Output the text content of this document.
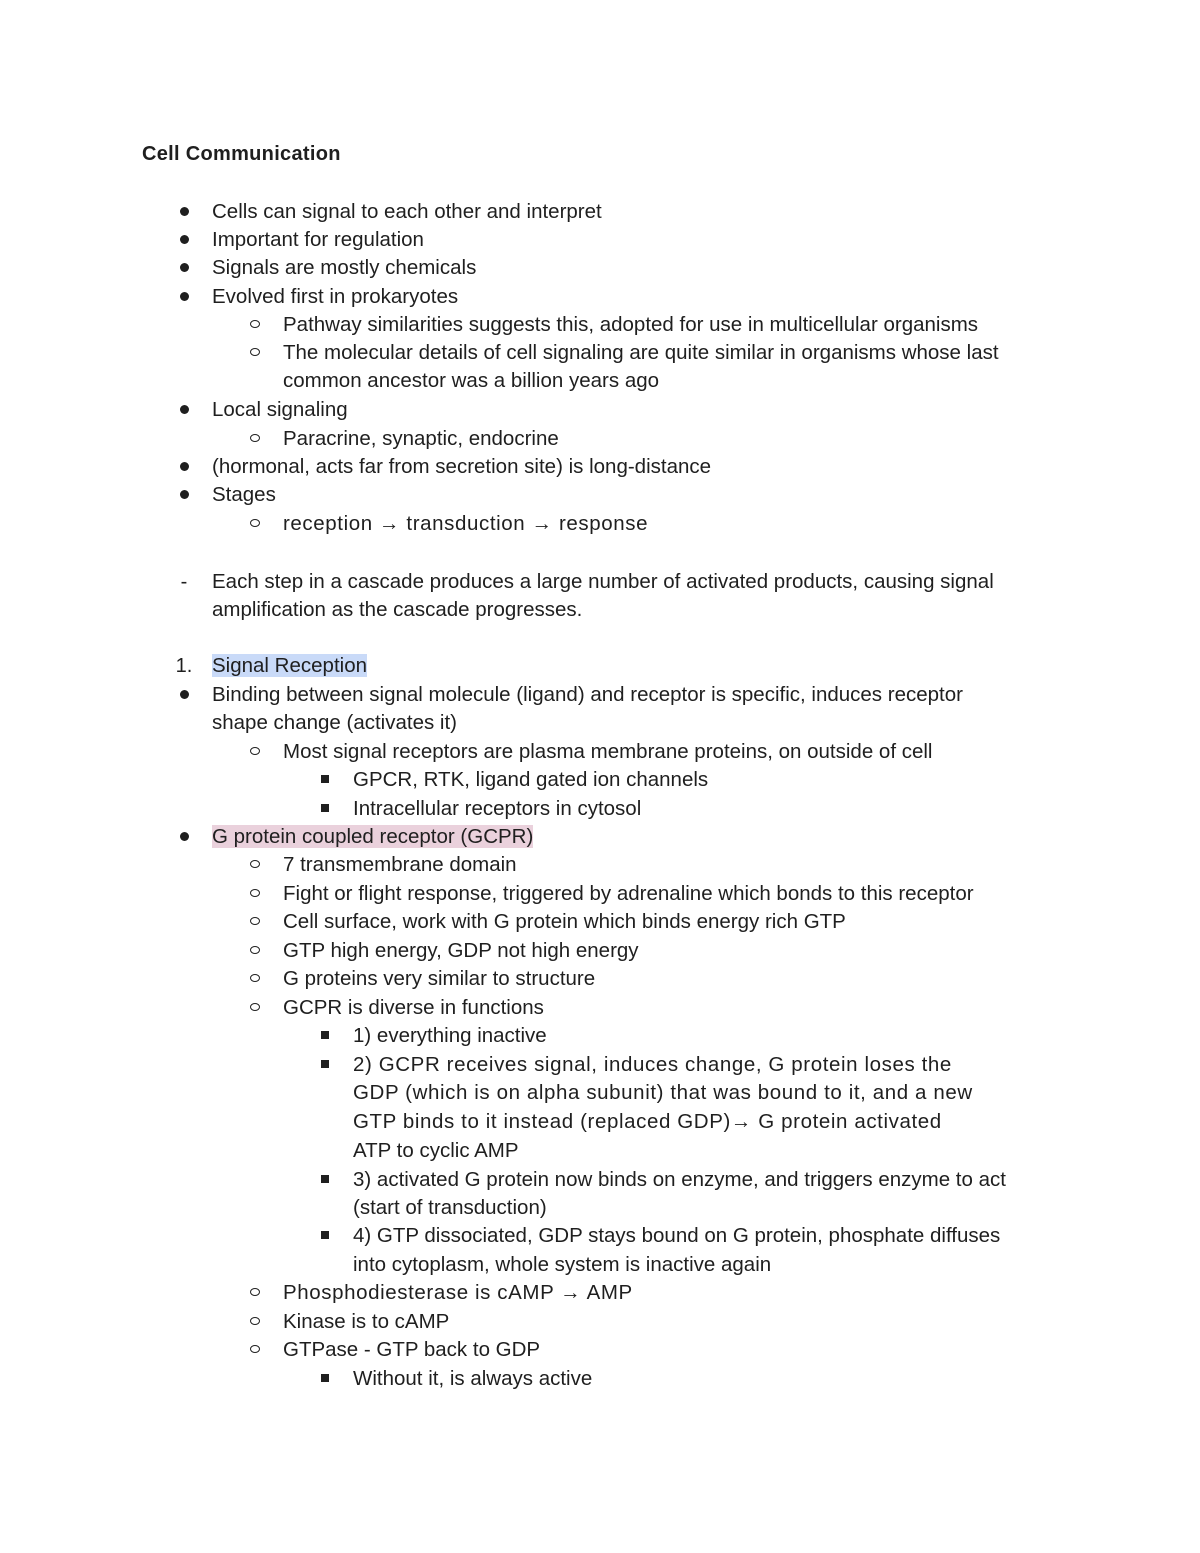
Cell Communication
Cells can signal to each other and interpret
Important for regulation
Signals are mostly chemicals
Evolved first in prokaryotes
Pathway similarities suggests this, adopted for use in multicellular organisms
The molecular details of cell signaling are quite similar in organisms whose last
common ancestor was a billion years ago
Local signaling
Paracrine, synaptic, endocrine
(hormonal, acts far from secretion site) is long-distance
Stages
reception → transduction → response
-	Each step in a cascade produces a large number of activated products, causing signal
amplification as the cascade progresses.
1. Signal Reception
Binding between signal molecule (ligand) and receptor is specific, induces receptor
shape change (activates it)
Most signal receptors are plasma membrane proteins, on outside of cell
GPCR, RTK, ligand gated ion channels
Intracellular receptors in cytosol
G protein coupled receptor (GCPR)
7 transmembrane domain
Fight or flight response, triggered by adrenaline which bonds to this receptor
Cell surface, work with G protein which binds energy rich GTP
GTP high energy, GDP not high energy
G proteins very similar to structure
GCPR is diverse in functions
1) everything inactive
2) GCPR receives signal, induces change, G protein loses the
GDP (which is on alpha subunit) that was bound to it, and a new
GTP binds to it instead (replaced GDP)→ G protein activated
ATP to cyclic AMP
3) activated G protein now binds on enzyme, and triggers enzyme to act
(start of transduction)
4) GTP dissociated, GDP stays bound on G protein, phosphate diffuses
into cytoplasm, whole system is inactive again
Phosphodiesterase is cAMP → AMP
Kinase is to cAMP
GTPase - GTP back to GDP
Without it, is always active
